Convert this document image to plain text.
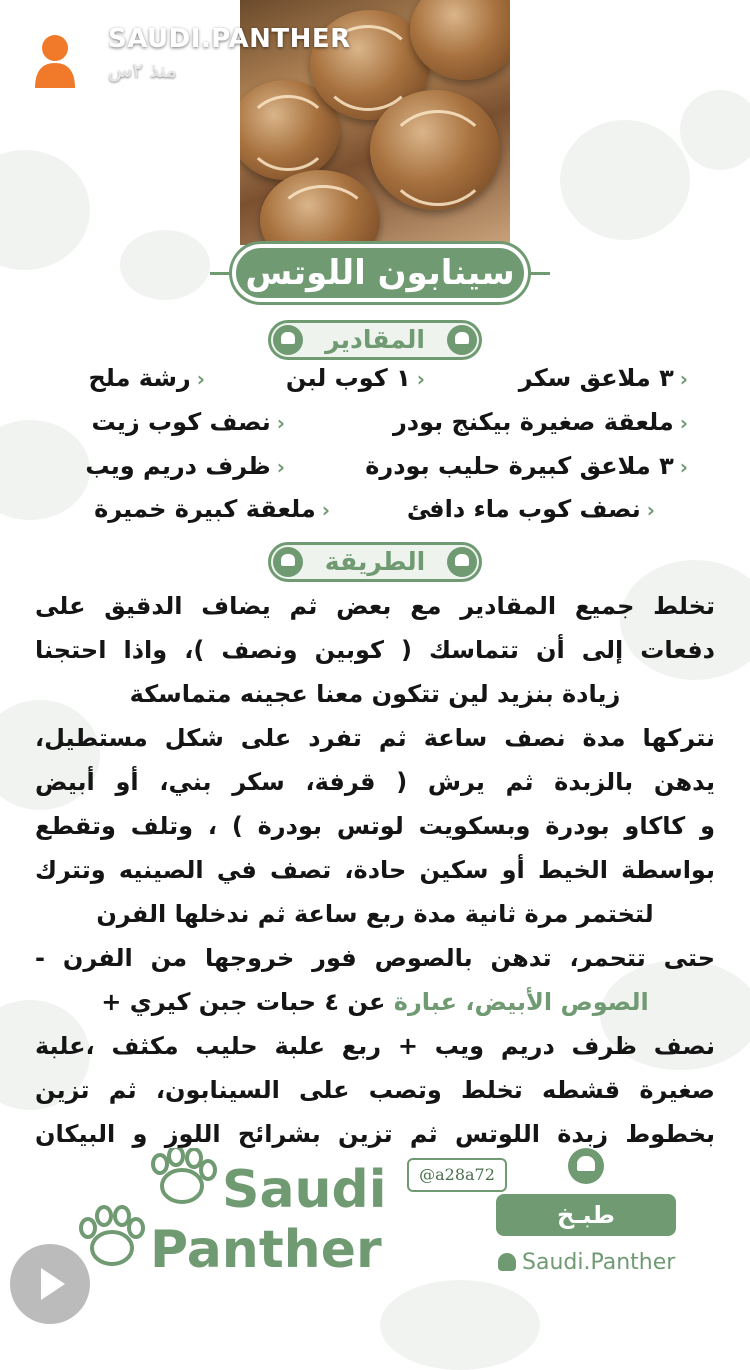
SAUDI.PANTHER
منذ ٢س
سينابون اللوتس
المقادير
‹٣ ملاعق سكر
‹١ كوب لبن
‹رشة ملح
‹ملعقة صغيرة بيكنج بودر
‹نصف كوب زيت
‹٣ ملاعق كبيرة حليب بودرة
‹ظرف دريم ويب
‹نصف كوب ماء دافئ
‹ملعقة كبيرة خميرة
الطريقة
تخلط جميع المقادير مع بعض ثم يضاف الدقيق على
دفعات إلى أن تتماسك ( كوبين ونصف )، واذا احتجنا
زيادة بنزيد لين تتكون معنا عجينه متماسكة
نتركها مدة نصف ساعة ثم تفرد على شكل مستطيل،
يدهن بالزبدة ثم يرش ( قرفة، سكر بني، أو أبيض
و كاكاو بودرة وبسكويت لوتس بودرة ) ، وتلف وتقطع
بواسطة الخيط أو سكين حادة، تصف في الصينيه وتترك
لتختمر مرة ثانية مدة ربع ساعة ثم ندخلها الفرن
حتى تتحمر، تدهن بالصوص فور خروجها من الفرن -
الصوص الأبيض، عبارة عن ٤ حبات جبن كيري +
نصف ظرف دريم ويب + ربع علبة حليب مكثف ،علبة
صغيرة قشطه تخلط وتصب على السينابون، ثم تزين
بخطوط زبدة اللوتس ثم تزين بشرائح اللوز و البيكان
Saudi
Panther
@a28a72
طبـخ
Saudi.Panther
